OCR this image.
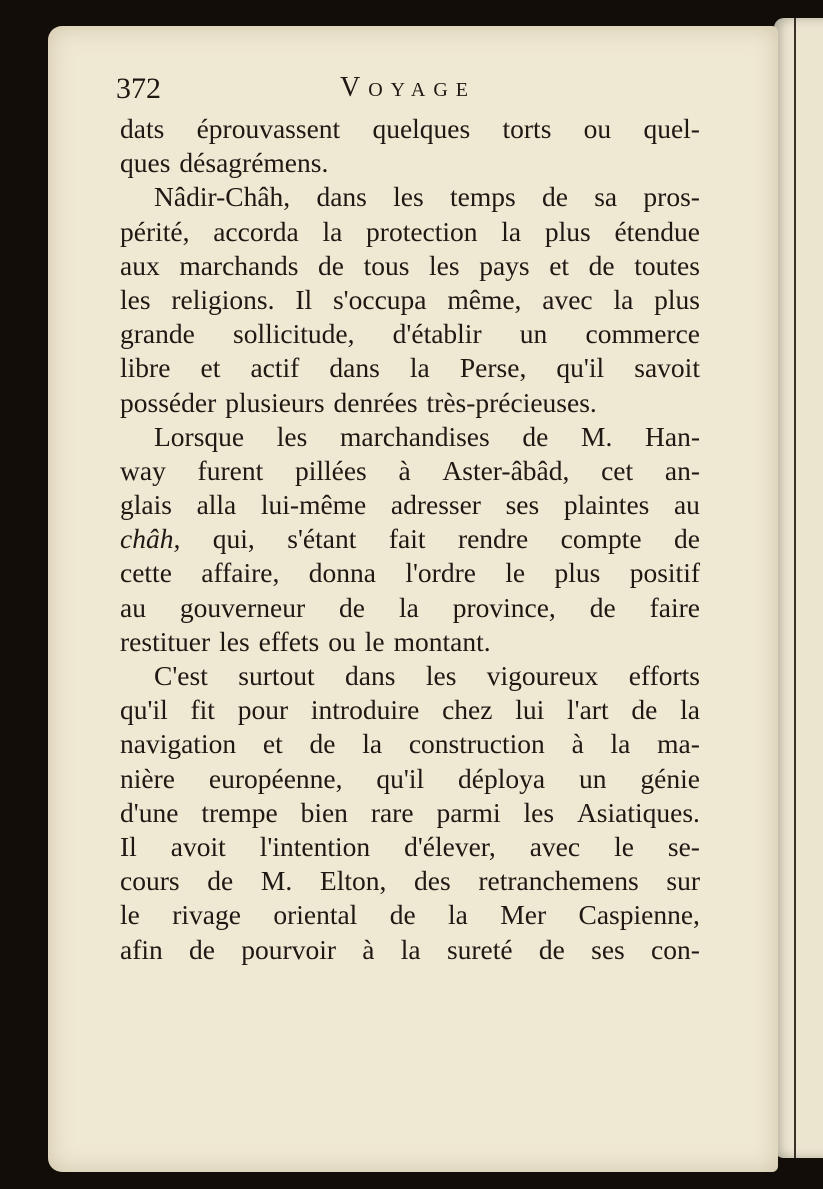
372	Voyage
dats éprouvassent quelques torts ou quel-
ques désagrémens.
Nâdir-Châh, dans les temps de sa pros-
périté, accorda la protection la plus étendue
aux marchands de tous les pays et de toutes
les religions. Il s'occupa même, avec la plus
grande sollicitude, d'établir un commerce
libre et actif dans la Perse, qu'il savoit
posséder plusieurs denrées très-précieuses.
Lorsque les marchandises de M. Han-
way furent pillées à Aster-âbâd, cet an-
glais alla lui-même adresser ses plaintes au
châh, qui, s'étant fait rendre compte de
cette affaire, donna l'ordre le plus positif
au gouverneur de la province, de faire
restituer les effets ou le montant.
C'est surtout dans les vigoureux efforts
qu'il fit pour introduire chez lui l'art de la
navigation et de la construction à la ma-
nière européenne, qu'il déploya un génie
d'une trempe bien rare parmi les Asiatiques.
Il avoit l'intention d'élever, avec le se-
cours de M. Elton, des retranchemens sur
le rivage oriental de la Mer Caspienne,
afin de pourvoir à la sureté de ses con-
